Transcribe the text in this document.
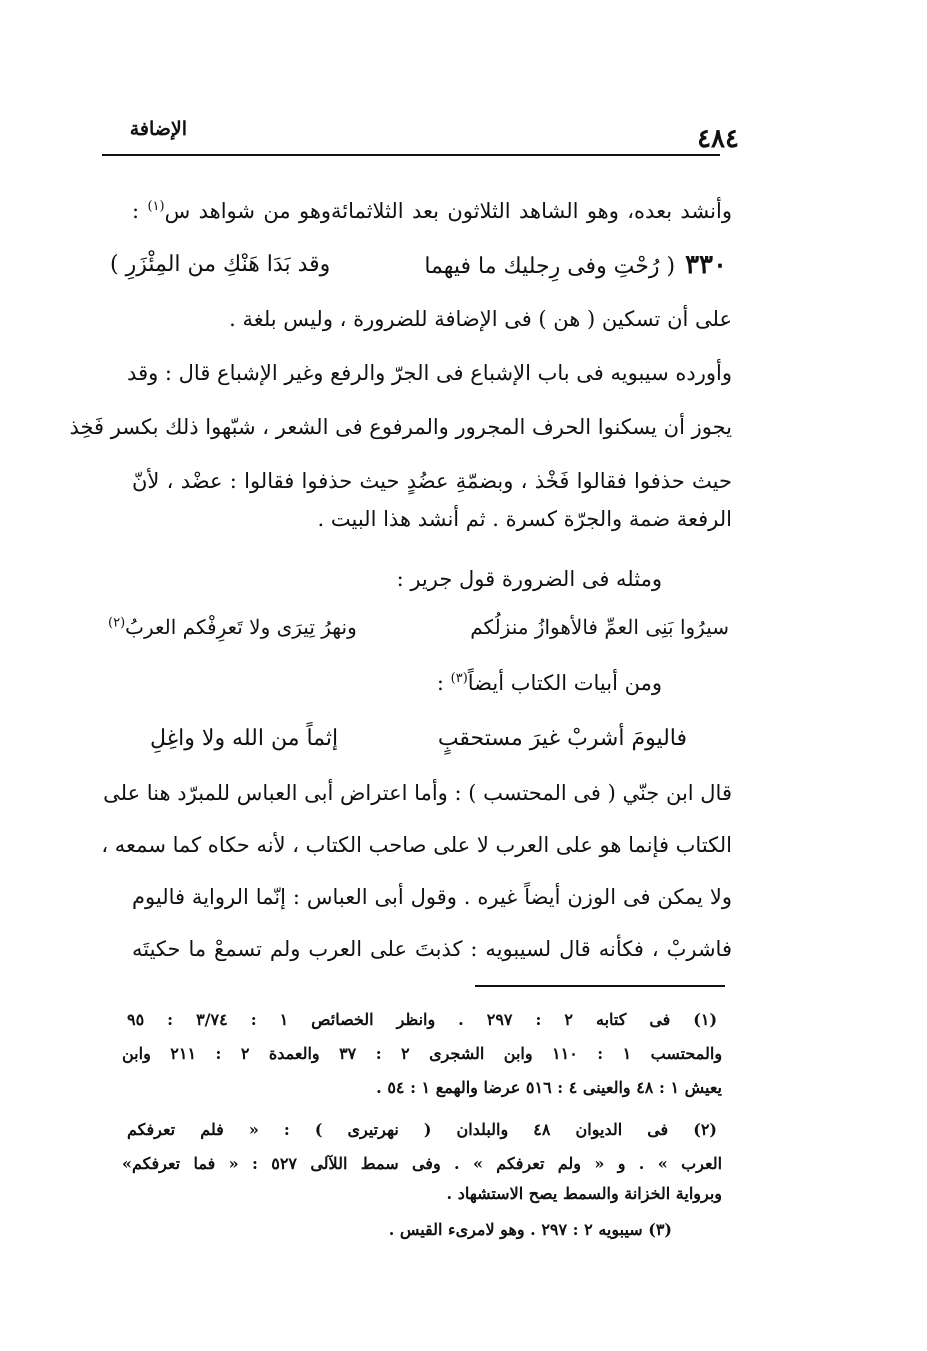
الإضافة	٤٨٤
وأنشد بعده، وهو الشاهد الثلاثون بعد الثلاثمائةوهو من شواهد س$^{(١)}$ :
٣٣٠( رُحْتِ وفى رِجليك ما فيهما
وقد بَدَا هَنْكِ من المِئْزَرِ )
على أن تسكين ( هن ) فى الإضافة للضرورة ، وليس بلغة .
وأورده سيبويه فى باب الإشباع فى الجرّ والرفع وغير الإشباع قال : وقد
يجوز أن يسكنوا الحرف المجرور والمرفوع فى الشعر ، شبّهوا ذلك بكسر فَخِذ
حيث حذفوا فقالوا فَخْذ ، وبضمّةِ عضُدٍ حيث حذفوا فقالوا : عضْد ، لأنّ
الرفعة ضمة والجرّة كسرة . ثم أنشد هذا البيت .
ومثله فى الضرورة قول جرير :
سيرُوا بَنِى العمِّ فالأهوازُ منزلُكم
ونهرُ تِيرَى ولا تَعرِفْكم العربُ$^{(٢)}$
ومن أبيات الكتاب أيضاً$^{(٣)}$ :
فاليومَ أشربْ غيرَ مستحقبٍ
إثماً من الله ولا واغِلِ
قال ابن جنّي ( فى المحتسب ) : وأما اعتراض أبى العباس للمبرّد هنا على
الكتاب فإنما هو على العرب لا على صاحب الكتاب ، لأنه حكاه كما سمعه ،
ولا يمكن فى الوزن أيضاً غيره . وقول أبى العباس : إنّما الرواية فاليوم
فاشربْ ، فكأنه قال لسيبويه : كذبتَ على العرب ولم تسمعْ ما حكيتَه
(١) فى كتابه ٢ : ٢٩٧ . وانظر الخصائص ١ : ٣/٧٤ : ٩٥
والمحتسب ١ : ١١٠ وابن الشجرى ٢ : ٣٧ والعمدة ٢ : ٢١١ وابن
يعيش ١ : ٤٨ والعينى ٤ : ٥١٦ عرضا والهمع ١ : ٥٤ .
(٢) فى الديوان ٤٨ والبلدان ( نهرتيرى ) : « فلم تعرفكم
العرب » . و « ولم تعرفكم » . وفى سمط اللآلى ٥٢٧ : « فما تعرفكم»
وبرواية الخزانة والسمط يصح الاستشهاد .
(٣) سيبويه ٢ : ٢٩٧ . وهو لامرىء القيس .
